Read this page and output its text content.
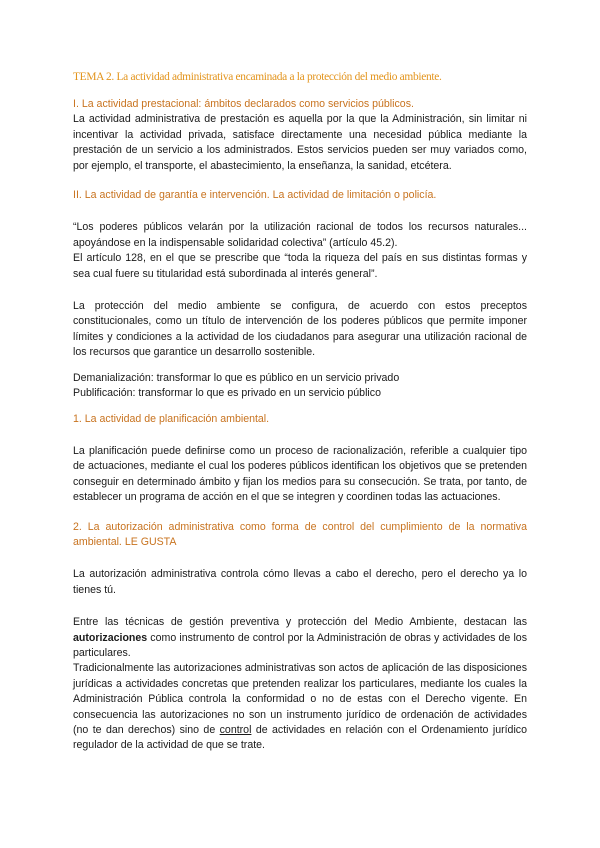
TEMA 2. La actividad administrativa encaminada a la protección del medio ambiente.

I. La actividad prestacional: ámbitos declarados como servicios públicos.

La actividad administrativa de prestación es aquella por la que la Administración, sin limitar ni incentivar la actividad privada, satisface directamente una necesidad pública mediante la prestación de un servicio a los administrados. Estos servicios pueden ser muy variados como, por ejemplo, el transporte, el abastecimiento, la enseñanza, la sanidad, etcétera.

II. La actividad de garantía e intervención. La actividad de limitación o policía.

“Los poderes públicos velarán por la utilización racional de todos los recursos naturales... apoyándose en la indispensable solidaridad colectiva” (artículo 45.2).

El artículo 128, en el que se prescribe que “toda la riqueza del país en sus distintas formas y sea cual fuere su titularidad está subordinada al interés general”.

La protección del medio ambiente se configura, de acuerdo con estos preceptos constitucionales, como un título de intervención de los poderes públicos que permite imponer límites y condiciones a la actividad de los ciudadanos para asegurar una utilización racional de los recursos que garantice un desarrollo sostenible.

Demanialización: transformar lo que es público en un servicio privado

Publificación: transformar lo que es privado en un servicio público

1. La actividad de planificación ambiental.

La planificación puede definirse como un proceso de racionalización, referible a cualquier tipo de actuaciones, mediante el cual los poderes públicos identifican los objetivos que se pretenden conseguir en determinado ámbito y fijan los medios para su consecución. Se trata, por tanto, de establecer un programa de acción en el que se integren y coordinen todas las actuaciones.

2. La autorización administrativa como forma de control del cumplimiento de la normativa ambiental. LE GUSTA

La autorización administrativa controla cómo llevas a cabo el derecho, pero el derecho ya lo tienes tú.

Entre las técnicas de gestión preventiva y protección del Medio Ambiente, destacan las autorizaciones como instrumento de control por la Administración de obras y actividades de los particulares.

Tradicionalmente las autorizaciones administrativas son actos de aplicación de las disposiciones jurídicas a actividades concretas que pretenden realizar los particulares, mediante los cuales la Administración Pública controla la conformidad o no de estas con el Derecho vigente. En consecuencia las autorizaciones no son un instrumento jurídico de ordenación de actividades (no te dan derechos) sino de control de actividades en relación con el Ordenamiento jurídico regulador de la actividad de que se trate.
